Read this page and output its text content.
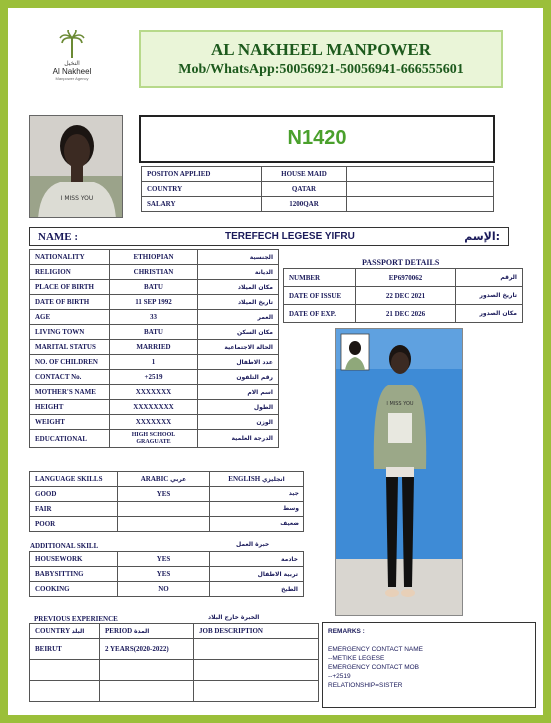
النخيل
Al Nakheel
Manpower Agency
AL NAKHEEL MANPOWER
Mob/WhatsApp:50056921-50056941-666555601
I MISS YOU
N1420
POSITON APPLIED	HOUSE MAID	
COUNTRY	QATAR	
SALARY	1200QAR	
NAME :	TEREFECH LEGESE YIFRU	الإسم:
NATIONALITY	ETHIOPIAN	الجنسية
RELIGION	CHRISTIAN	الديانة
PLACE OF BIRTH	BATU	مكان الميلاد
DATE OF BIRTH	11 SEP 1992	تاريخ الميلاد
AGE	33	العمر
LIVING TOWN	BATU	مكان السكن
MARITAL STATUS	MARRIED	الحالة الاجتماعية
NO. OF CHILDREN	1	عدد الاطفال
CONTACT No.	+2519	رقم التلفون
MOTHER'S NAME	XXXXXXX	اسم الام
HEIGHT	XXXXXXXX	الطول
WEIGHT	XXXXXXX	الوزن
EDUCATIONAL	HIGH SCHOOL GRAGUATE	الدرجة العلمية
PASSPORT DETAILS
NUMBER	EP6970062	الرقم
DATE OF ISSUE	22 DEC 2021	تاريخ الصدور
DATE OF EXP.	21 DEC 2026	مكان الصدور
I MISS YOU
LANGUAGE SKILLS	ARABIC عربي	ENGLISH انجليزي
GOOD	YES	جيد

FAIR		وسط

POOR		ضعيف
ADDITIONAL SKILL	خبرة العمل
HOUSEWORK	YES	خادمة
BABYSITTING	YES	تربية الاطفال
COOKING	NO	الطبخ
PREVIOUS EXPERIENCE	الخبرة خارج البلاد
COUNTRY البلد	PERIOD المدة	JOB DESCRIPTION
BEIRUT	2 YEARS(2020-2022)	

REMARKS :
EMERGENCY CONTACT NAME
--METIKE LEGESE
EMERGENCY CONTACT MOB
--+2519
RELATIONSHIP=SISTER
